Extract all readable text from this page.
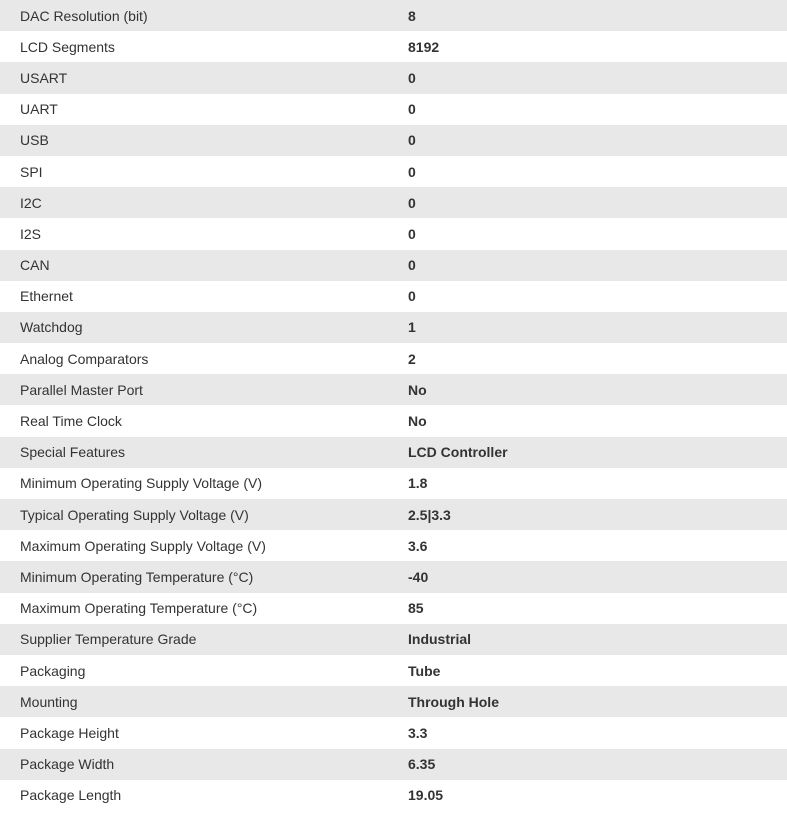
DAC Resolution (bit)	8
LCD Segments	8192
USART	0
UART	0
USB	0
SPI	0
I2C	0
I2S	0
CAN	0
Ethernet	0
Watchdog	1
Analog Comparators	2
Parallel Master Port	No
Real Time Clock	No
Special Features	LCD Controller
Minimum Operating Supply Voltage (V)	1.8
Typical Operating Supply Voltage (V)	2.5|3.3
Maximum Operating Supply Voltage (V)	3.6
Minimum Operating Temperature (°C)	-40
Maximum Operating Temperature (°C)	85
Supplier Temperature Grade	Industrial
Packaging	Tube
Mounting	Through Hole
Package Height	3.3
Package Width	6.35
Package Length	19.05
